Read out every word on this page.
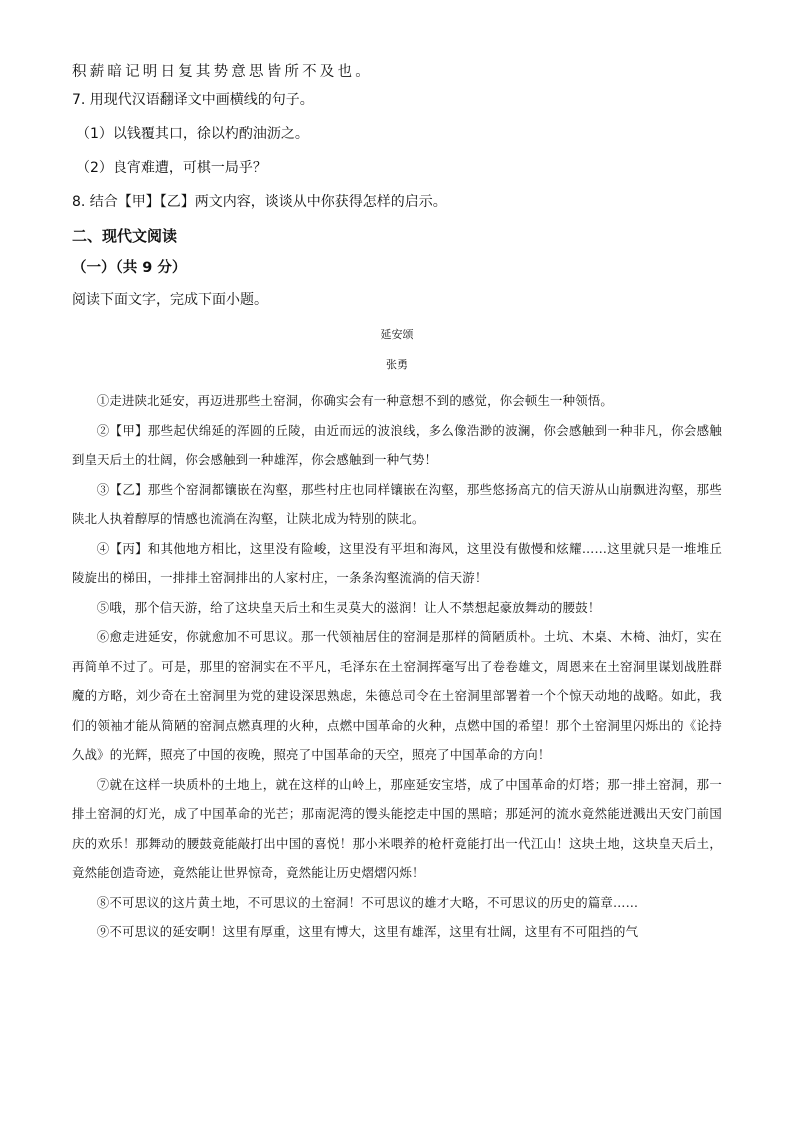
积薪暗记明日复其势意思皆所不及也。
7. 用现代汉语翻译文中画横线的句子。
（1）以钱覆其口，徐以杓酌油沥之。
（2）良宵难遭，可棋一局乎？
8. 结合【甲】【乙】两文内容，谈谈从中你获得怎样的启示。
二、现代文阅读
（一）（共 9 分）
阅读下面文字，完成下面小题。
延安颂
张勇

①走进陕北延安，再迈进那些土窑洞，你确实会有一种意想不到的感觉，你会顿生一种领悟。

②【甲】那些起伏绵延的浑圆的丘陵，由近而远的波浪线，多么像浩渺的波澜，你会感触到一种非凡，你会感触到皇天后土的壮阔，你会感触到一种雄浑，你会感触到一种气势！

③【乙】那些个窑洞都镶嵌在沟壑，那些村庄也同样镶嵌在沟壑，那些悠扬高亢的信天游从山崩飘进沟壑，那些陕北人执着醇厚的情感也流淌在沟壑，让陕北成为特别的陕北。

④【丙】和其他地方相比，这里没有险峻，这里没有平坦和海风，这里没有傲慢和炫耀……这里就只是一堆堆丘陵旋出的梯田，一排排土窑洞排出的人家村庄，一条条沟壑流淌的信天游！

⑤哦，那个信天游，给了这块皇天后土和生灵莫大的滋润！让人不禁想起豪放舞动的腰鼓！

⑥愈走进延安，你就愈加不可思议。那一代领袖居住的窑洞是那样的简陋质朴。土坑、木桌、木椅、油灯，实在再简单不过了。可是，那里的窑洞实在不平凡，毛泽东在土窑洞挥毫写出了卷卷雄文，周恩来在土窑洞里谋划战胜群魔的方略，刘少奇在土窑洞里为党的建设深思熟虑，朱德总司令在土窑洞里部署着一个个惊天动地的战略。如此，我们的领袖才能从简陋的窑洞点燃真理的火种，点燃中国革命的火种，点燃中国的希望！那个土窑洞里闪烁出的《论持久战》的光辉，照亮了中国的夜晚，照亮了中国革命的天空，照亮了中国革命的方向！

⑦就在这样一块质朴的土地上，就在这样的山岭上，那座延安宝塔，成了中国革命的灯塔；那一排土窑洞，那一排土窑洞的灯光，成了中国革命的光芒；那南泥湾的馒头能挖走中国的黑暗；那延河的流水竟然能迸溅出天安门前国庆的欢乐！那舞动的腰鼓竟能敲打出中国的喜悦！那小米喂养的枪杆竟能打出一代江山！这块土地，这块皇天后土，竟然能创造奇迹，竟然能让世界惊奇，竟然能让历史熠熠闪烁！

⑧不可思议的这片黄土地，不可思议的土窑洞！不可思议的雄才大略，不可思议的历史的篇章……

⑨不可思议的延安啊！这里有厚重，这里有博大，这里有雄浑，这里有壮阔，这里有不可阻挡的气
